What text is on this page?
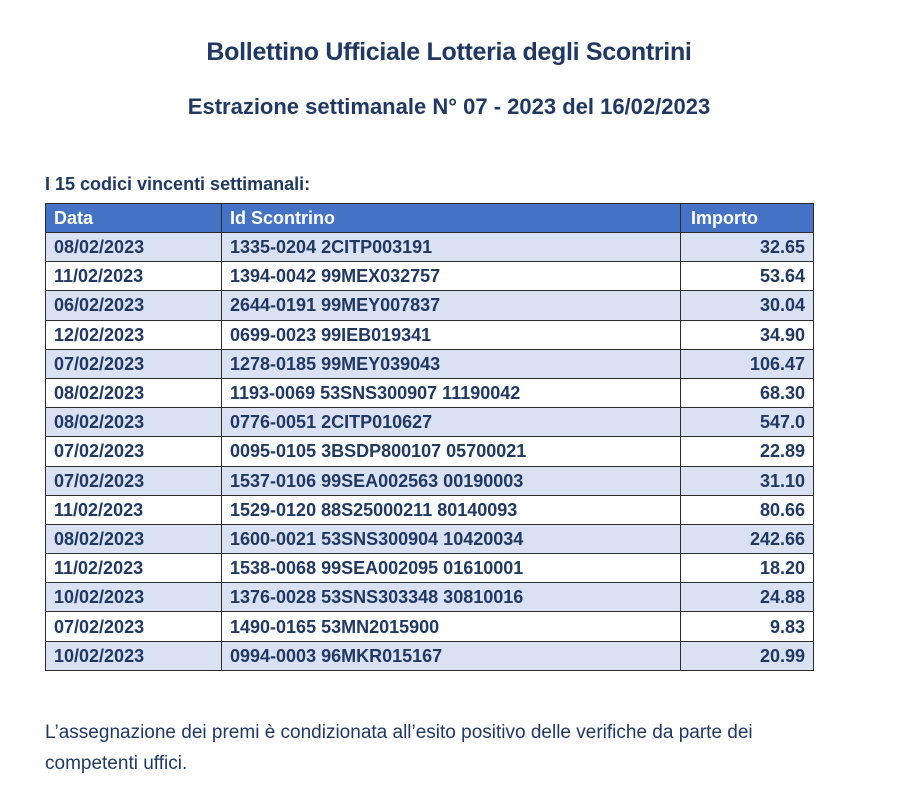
Bollettino Ufficiale Lotteria degli Scontrini
Estrazione settimanale N° 07 - 2023 del 16/02/2023
I 15 codici vincenti settimanali:
Data	Id Scontrino	Importo
08/02/2023	1335-0204 2CITP003191	32.65
11/02/2023	1394-0042 99MEX032757	53.64
06/02/2023	2644-0191 99MEY007837	30.04
12/02/2023	0699-0023 99IEB019341	34.90
07/02/2023	1278-0185 99MEY039043	106.47
08/02/2023	1193-0069 53SNS300907 11190042	68.30
08/02/2023	0776-0051 2CITP010627	547.0
07/02/2023	0095-0105 3BSDP800107 05700021	22.89
07/02/2023	1537-0106 99SEA002563 00190003	31.10
11/02/2023	1529-0120 88S25000211 80140093	80.66
08/02/2023	1600-0021 53SNS300904 10420034	242.66
11/02/2023	1538-0068 99SEA002095 01610001	18.20
10/02/2023	1376-0028 53SNS303348 30810016	24.88
07/02/2023	1490-0165 53MN2015900	9.83
10/02/2023	0994-0003 96MKR015167	20.99
L’assegnazione dei premi è condizionata all’esito positivo delle verifiche da parte dei
competenti uffici.
